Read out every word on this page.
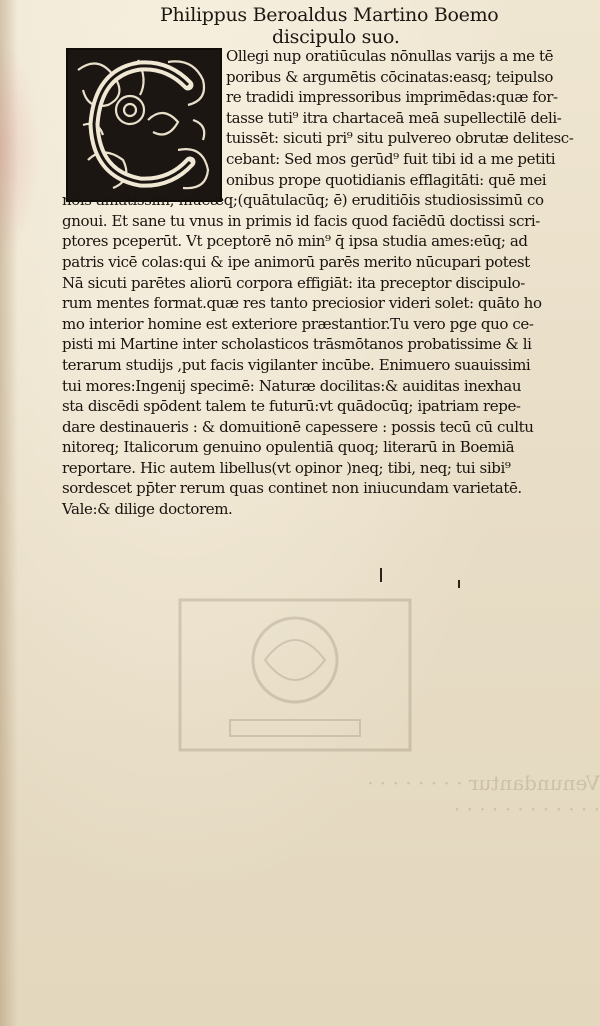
Venundantur · · · · · · · ·
· · · · · · · · · · · ·
Philippus Beroaldus Martino Boemo
discipulo suo.
Ollegi nup oratiūculas nōnullas varijs a me tē
poribus & argumētis cōcinatas:easq; teipulso
re tradidi impressoribus imprimēdas:quæ for-
tasse tuti⁹ itra chartaceā meā supellectilē deli-
tuissēt: sicuti pri⁹ situ pulvereo obrutæ delitesc-
cebant: Sed mos gerūd⁹ fuit tibi id a me petiti
onibus prope quotidianis efflagitāti: quē mei
nōis amātissim, mūeæq;(quātulacūq; ē) eruditiōis studiosissimū co
gnoui. Et sane tu vnus in primis id facis quod faciēdū doctissi scri-
ptores pceperūt. Vt pceptorē nō min⁹ q̄ ipsa studia ames:eūq; ad
patris vicē colas:qui & ipe animorū parēs merito nūcupari potest
Nā sicuti parētes aliorū corpora effigiāt: ita preceptor discipulo-
rum mentes format.quæ res tanto preciosior videri solet: quāto ho
mo interior homine est exteriore præstantior.Tu vero pge quo ce-
pisti mi Martine inter scholasticos trāsmōtanos probatissime & li
terarum studijs ,put facis vigilanter incūbe. Enimuero suauissimi
tui mores:Ingenij specimē: Naturæ docilitas:& auiditas inexhau
sta discēdi spōdent talem te futurū:vt quādocūq; ipatriam repe-
dare destinaueris : & domuitionē capessere : possis tecū cū cultu
nitoreq; Italicorum genuino opulentiā quoq; literarū in Boemiā
reportare. Hic autem libellus(vt opinor )neq; tibi, neq; tui sibi⁹
sordescet pp̄ter rerum quas continet non iniucundam varietatē.
Vale:& dilige doctorem.
